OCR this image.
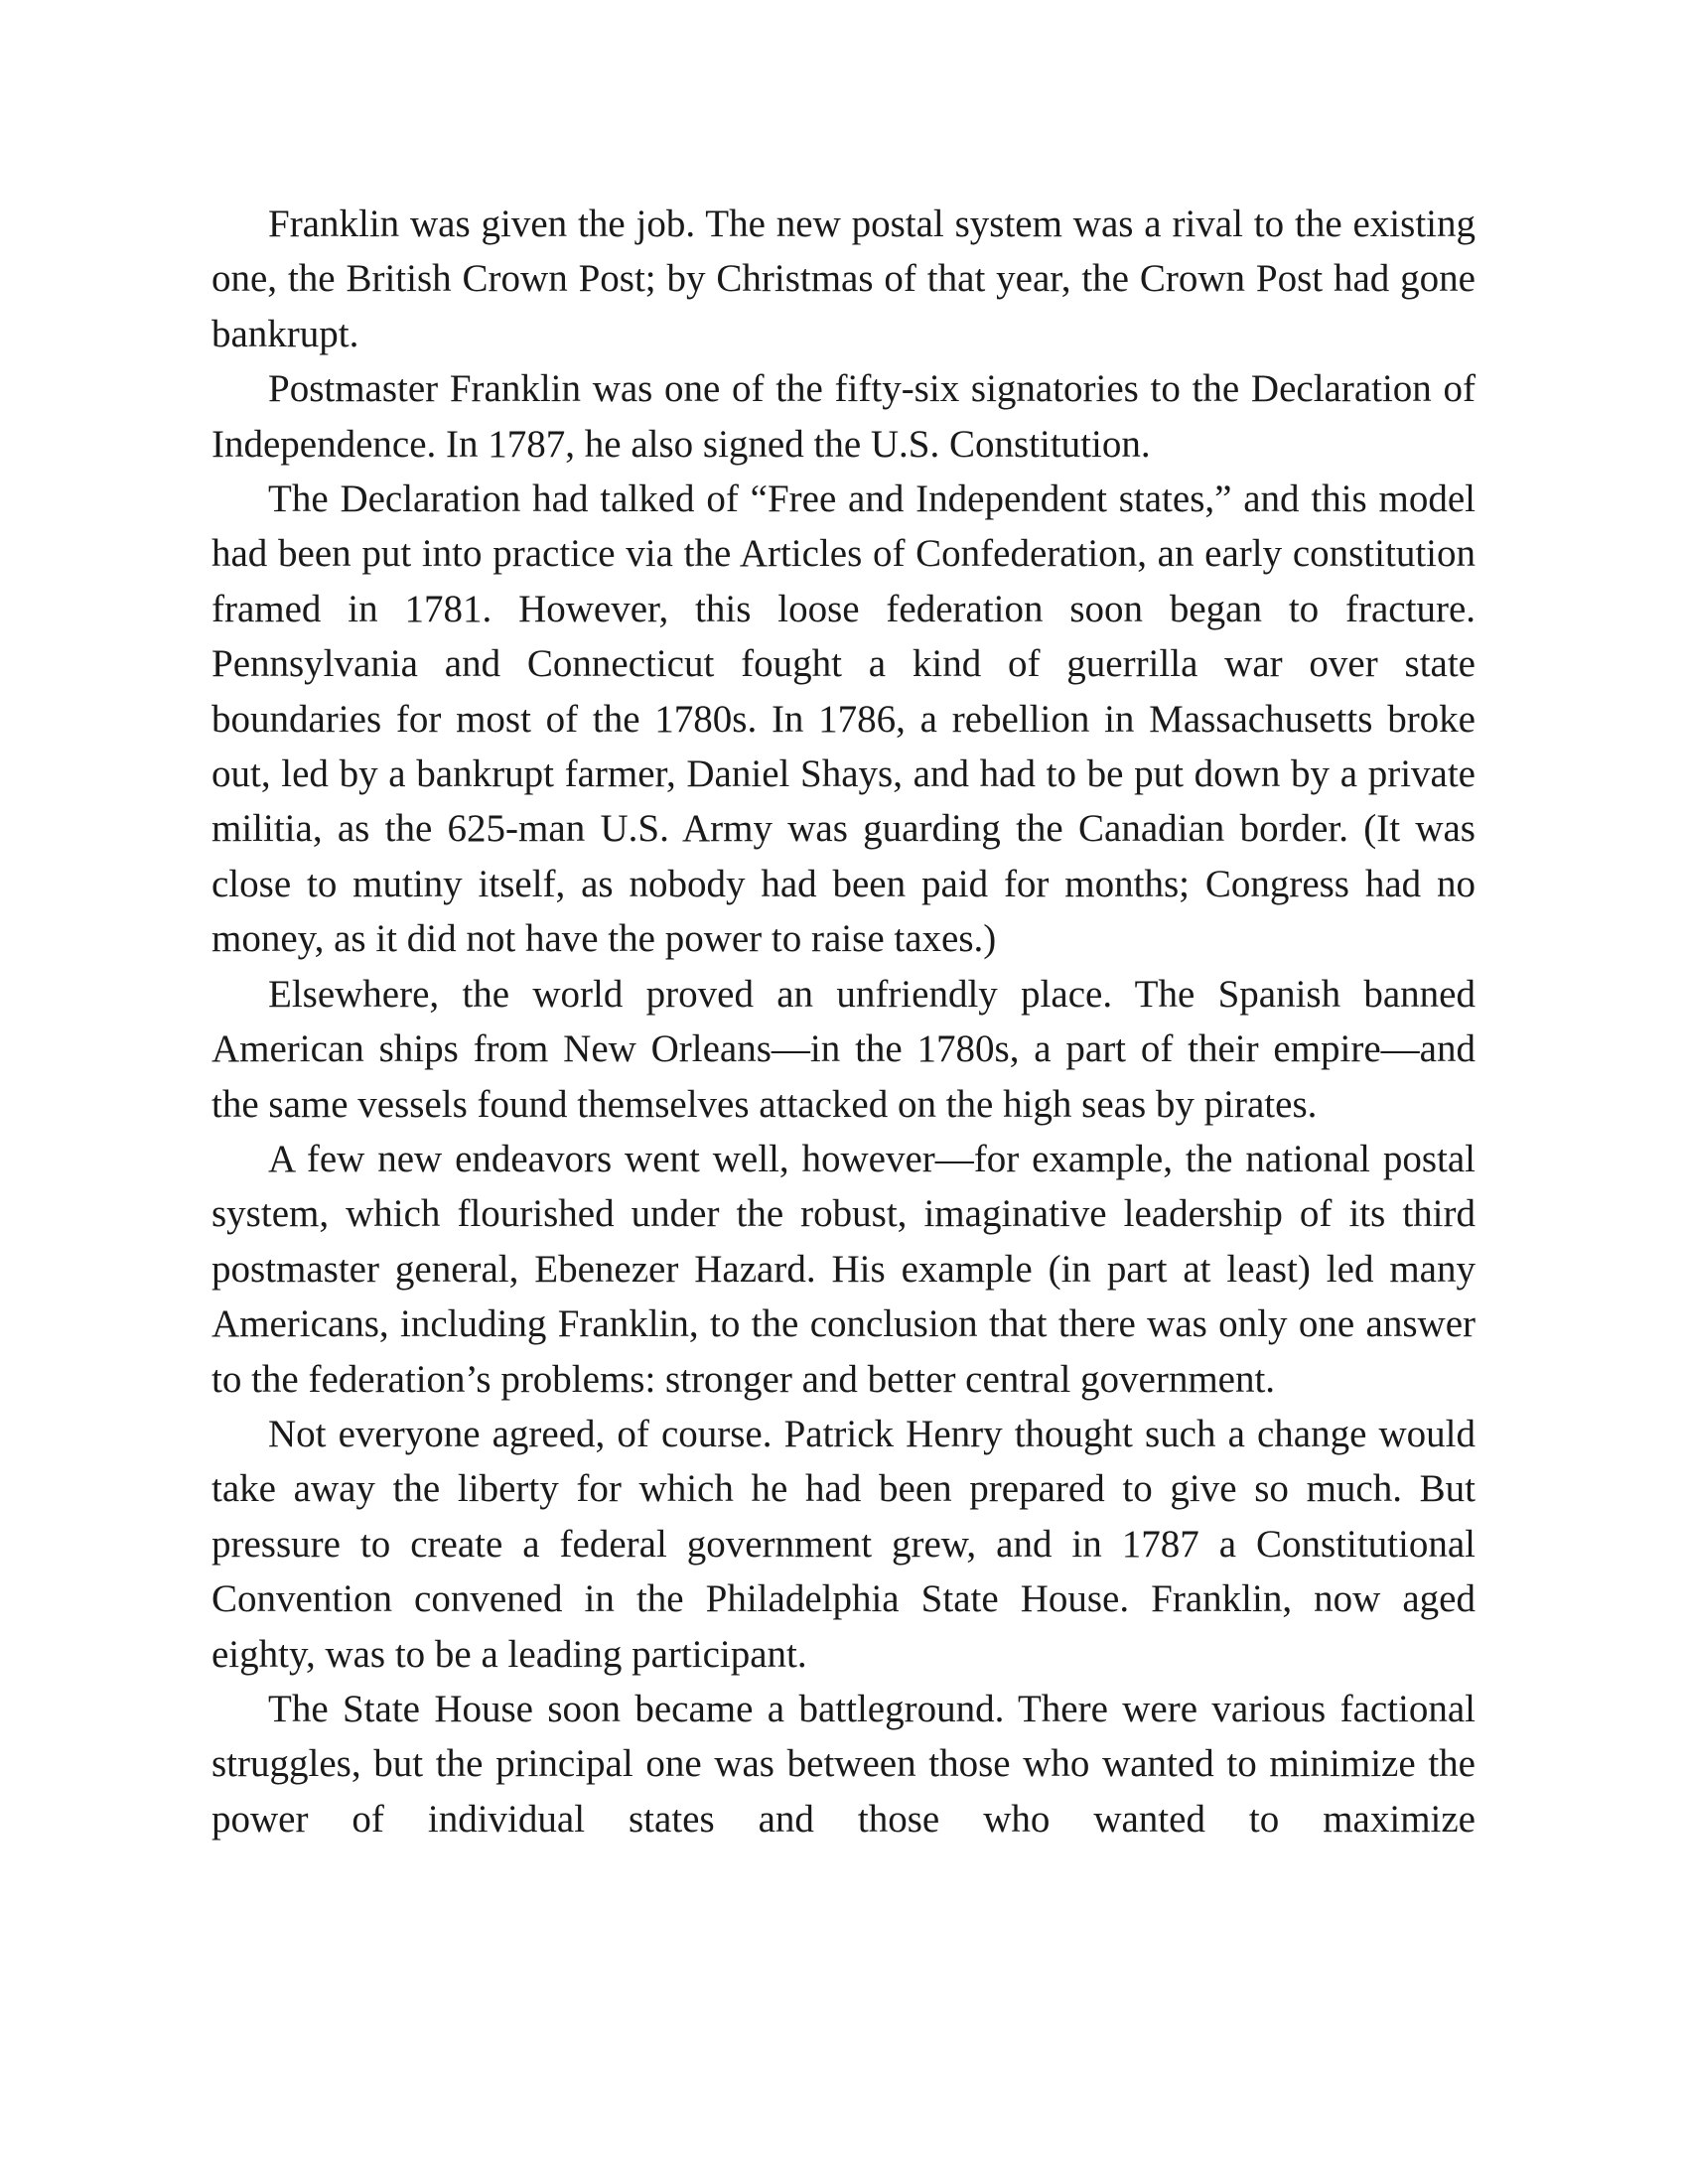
Franklin was given the job. The new postal system was a rival to the existing one, the British Crown Post; by Christmas of that year, the Crown Post had gone bankrupt.

Postmaster Franklin was one of the fifty-six signatories to the Declaration of Independence. In 1787, he also signed the U.S. Constitution.

The Declaration had talked of “Free and Independent states,” and this model had been put into practice via the Articles of Confederation, an early constitution framed in 1781. However, this loose federation soon began to fracture. Pennsylvania and Connecticut fought a kind of guerrilla war over state boundaries for most of the 1780s. In 1786, a rebellion in Massachusetts broke out, led by a bankrupt farmer, Daniel Shays, and had to be put down by a private militia, as the 625-man U.S. Army was guarding the Canadian border. (It was close to mutiny itself, as nobody had been paid for months; Congress had no money, as it did not have the power to raise taxes.)

Elsewhere, the world proved an unfriendly place. The Spanish banned American ships from New Orleans—in the 1780s, a part of their empire—and the same vessels found themselves attacked on the high seas by pirates.

A few new endeavors went well, however—for example, the national postal system, which flourished under the robust, imaginative leadership of its third postmaster general, Ebenezer Hazard. His example (in part at least) led many Americans, including Franklin, to the conclusion that there was only one answer to the federation’s problems: stronger and better central government.

Not everyone agreed, of course. Patrick Henry thought such a change would take away the liberty for which he had been prepared to give so much. But pressure to create a federal government grew, and in 1787 a Constitutional Convention convened in the Philadelphia State House. Franklin, now aged eighty, was to be a leading participant.

The State House soon became a battleground. There were various factional struggles, but the principal one was between those who wanted to minimize the power of individual states and those who wanted to maximize
